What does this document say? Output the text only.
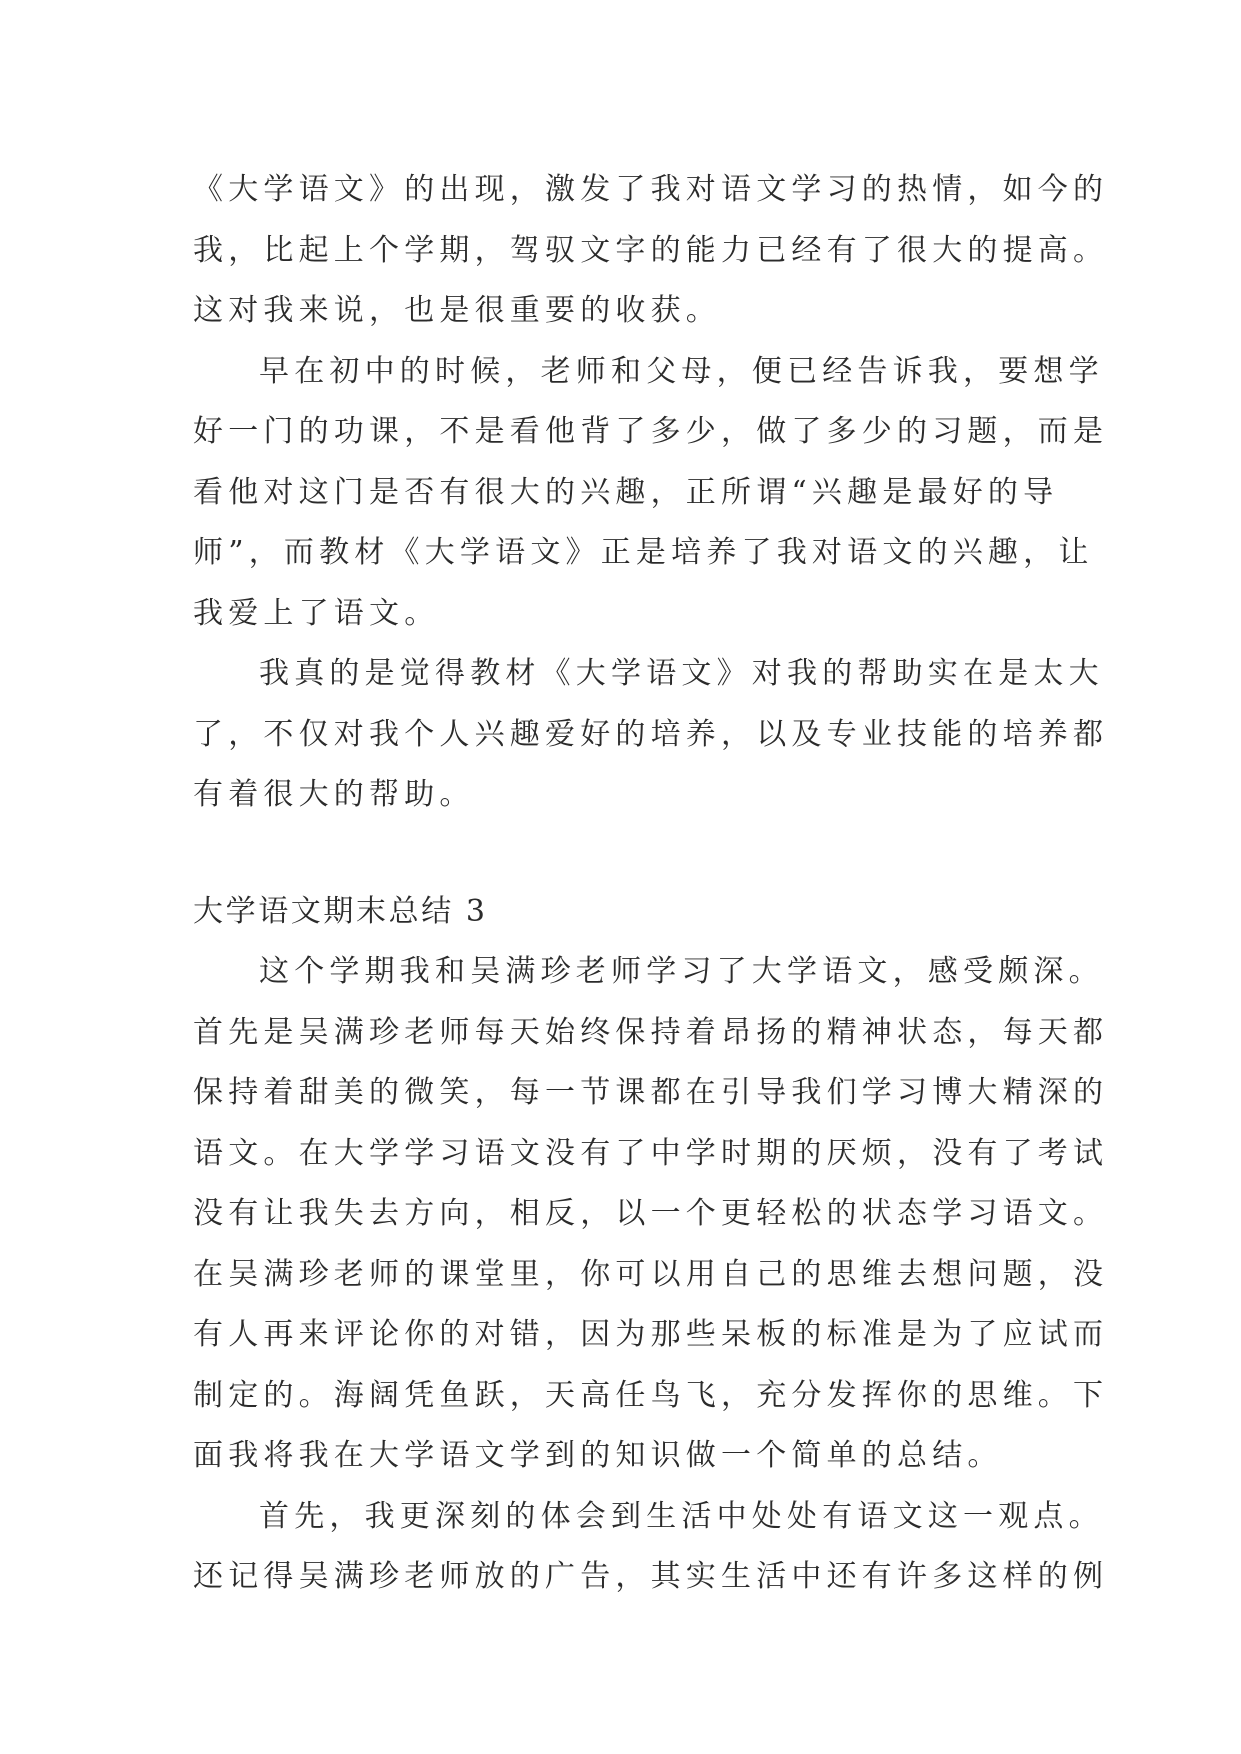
《大学语文》的出现，激发了我对语文学习的热情，如今的
我，比起上个学期，驾驭文字的能力已经有了很大的提高。
这对我来说，也是很重要的收获。

早在初中的时候，老师和父母，便已经告诉我，要想学
好一门的功课，不是看他背了多少，做了多少的习题，而是
看他对这门是否有很大的兴趣，正所谓“兴趣是最好的导
师”，而教材《大学语文》正是培养了我对语文的兴趣，让
我爱上了语文。

我真的是觉得教材《大学语文》对我的帮助实在是太大
了，不仅对我个人兴趣爱好的培养，以及专业技能的培养都
有着很大的帮助。

大学语文期末总结 3

这个学期我和吴满珍老师学习了大学语文，感受颇深。
首先是吴满珍老师每天始终保持着昂扬的精神状态，每天都
保持着甜美的微笑，每一节课都在引导我们学习博大精深的
语文。在大学学习语文没有了中学时期的厌烦，没有了考试
没有让我失去方向，相反，以一个更轻松的状态学习语文。
在吴满珍老师的课堂里，你可以用自己的思维去想问题，没
有人再来评论你的对错，因为那些呆板的标准是为了应试而
制定的。海阔凭鱼跃，天高任鸟飞，充分发挥你的思维。下
面我将我在大学语文学到的知识做一个简单的总结。

首先，我更深刻的体会到生活中处处有语文这一观点。
还记得吴满珍老师放的广告，其实生活中还有许多这样的例
